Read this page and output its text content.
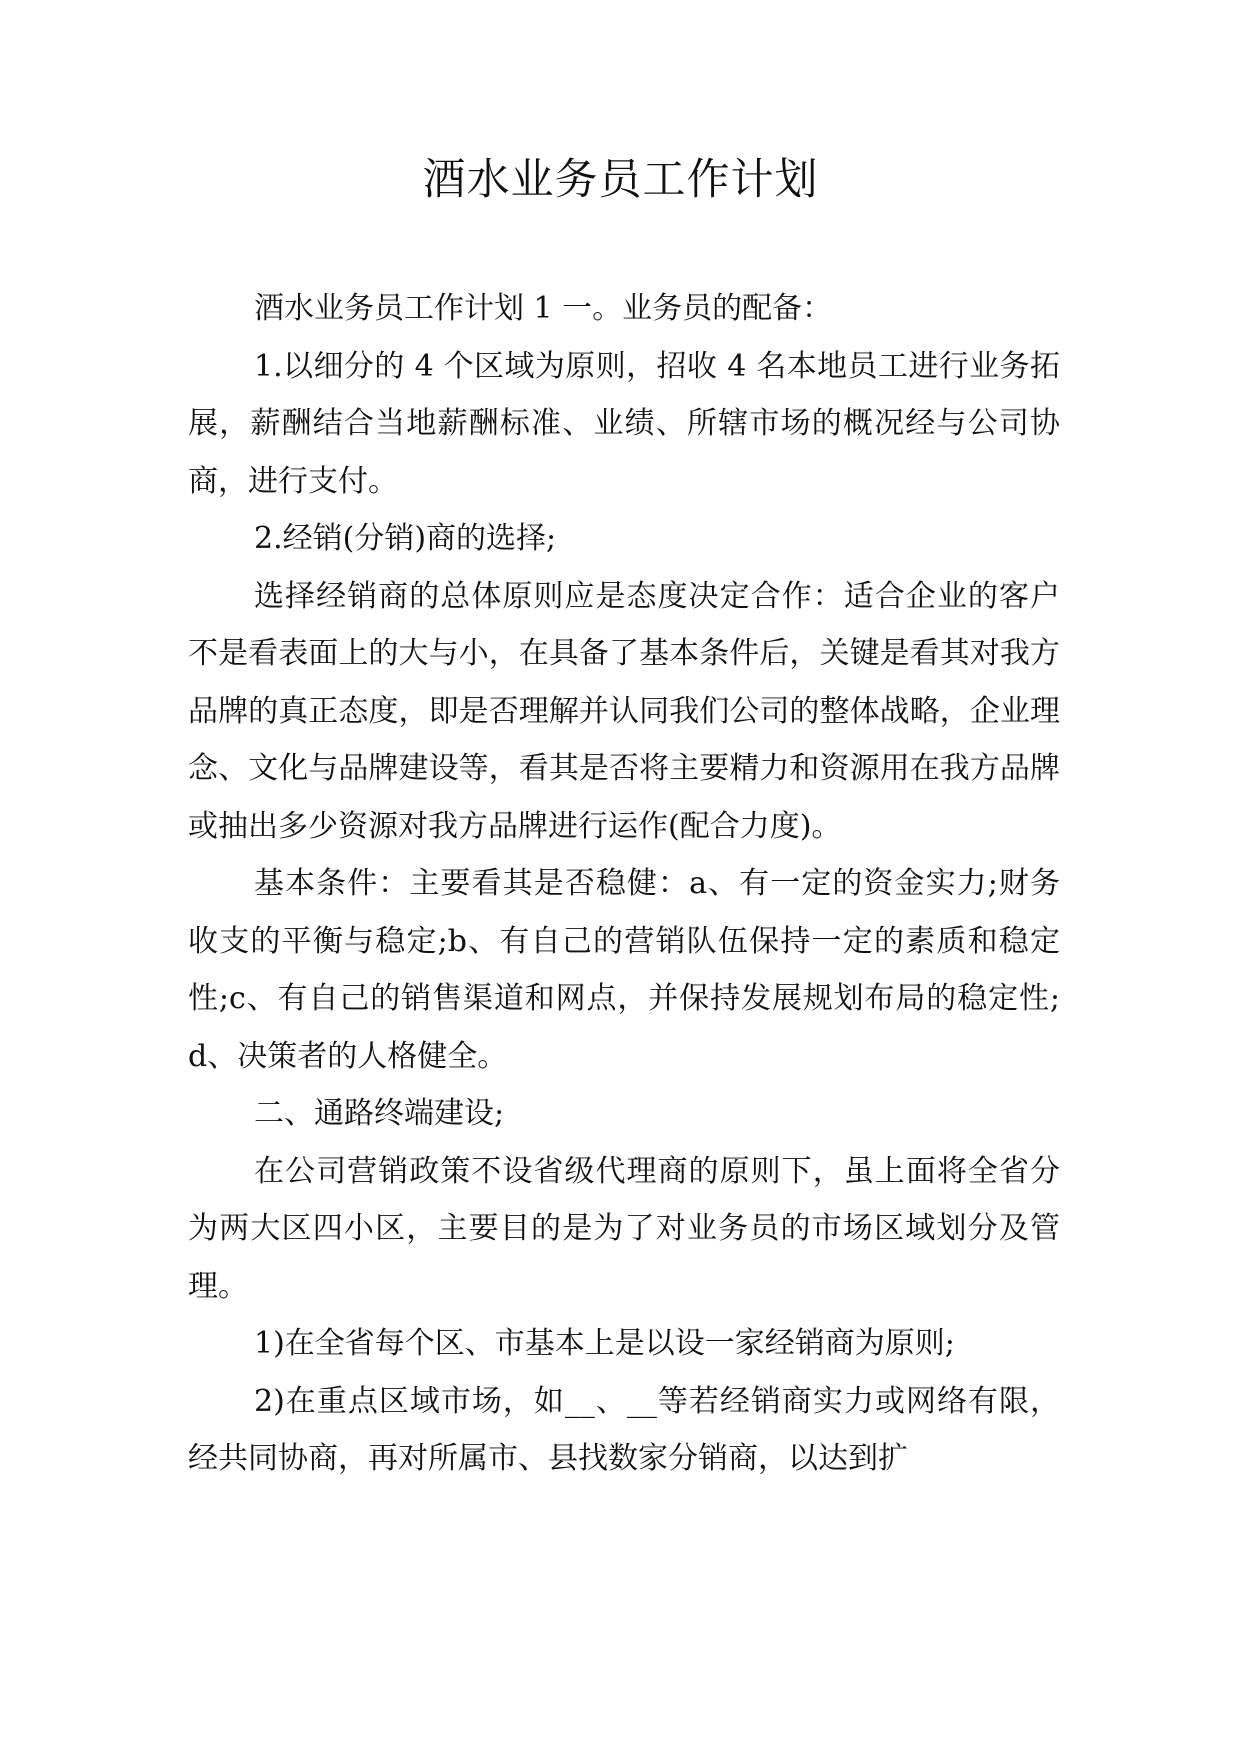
酒水业务员工作计划

酒水业务员工作计划 1 一。业务员的配备：

1.以细分的 4 个区域为原则，招收 4 名本地员工进行业务拓展，薪酬结合当地薪酬标准、业绩、所辖市场的概况经与公司协商，进行支付。

2.经销(分销)商的选择;

选择经销商的总体原则应是态度决定合作：适合企业的客户不是看表面上的大与小，在具备了基本条件后，关键是看其对我方品牌的真正态度，即是否理解并认同我们公司的整体战略，企业理念、文化与品牌建设等，看其是否将主要精力和资源用在我方品牌或抽出多少资源对我方品牌进行运作(配合力度)。

基本条件：主要看其是否稳健：a、有一定的资金实力;财务收支的平衡与稳定;b、有自己的营销队伍保持一定的素质和稳定性;c、有自己的销售渠道和网点，并保持发展规划布局的稳定性;d、决策者的人格健全。

二、通路终端建设;

在公司营销政策不设省级代理商的原则下，虽上面将全省分为两大区四小区，主要目的是为了对业务员的市场区域划分及管理。

1)在全省每个区、市基本上是以设一家经销商为原则;

2)在重点区域市场，如__、__等若经销商实力或网络有限，经共同协商，再对所属市、县找数家分销商，以达到扩
